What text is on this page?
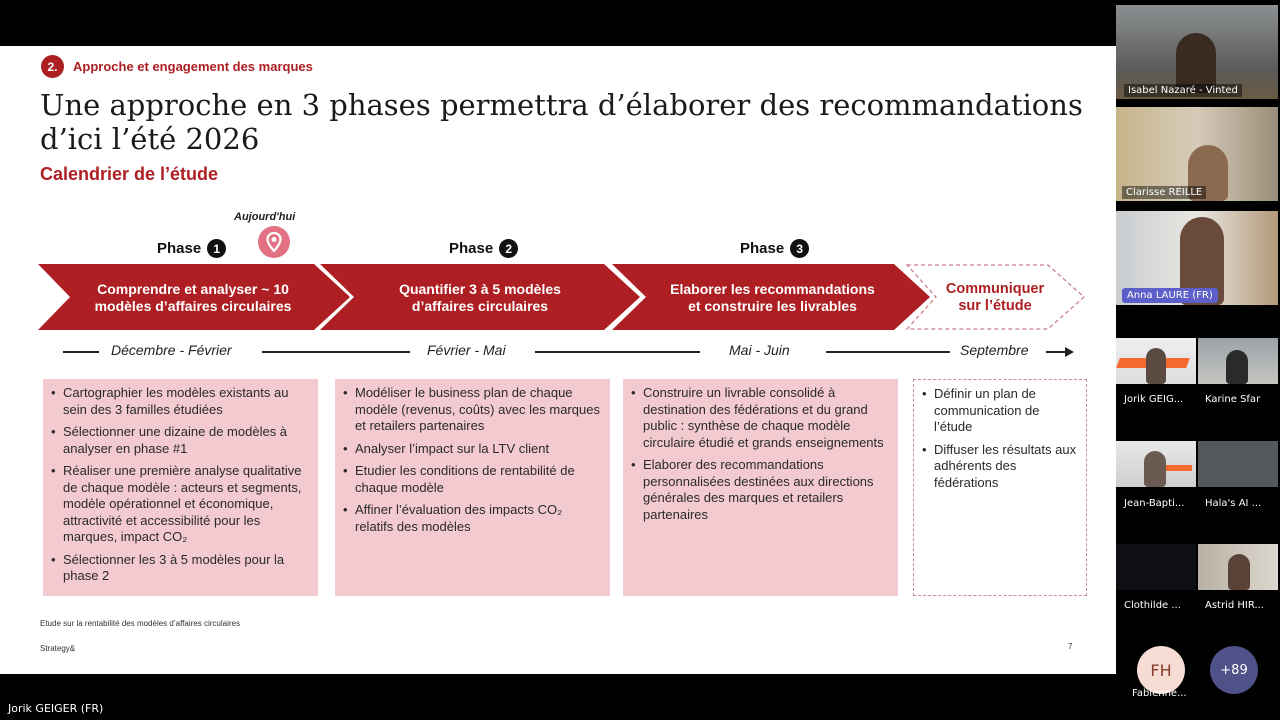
2.	Approche et engagement des marques
Une approche en 3 phases permettra d’élaborer des recommandations
d’ici l’été 2026
Calendrier de l’étude
Aujourd'hui
Phase	1	Phase	2	Phase	3
Comprendre et analyser ~ 10 modèles d’affaires circulaires
Quantifier 3 à 5 modèles d’affaires circulaires
Elaborer les recommandations et construire les livrables
Communiquer sur l’étude
Décembre - Février	Février - Mai	Mai - Juin	Septembre
• Cartographier les modèles existants au sein des 3 familles étudiées
• Sélectionner une dizaine de modèles à analyser en phase #1
• Réaliser une première analyse qualitative de chaque modèle : acteurs et segments, modèle opérationnel et économique, attractivité et accessibilité pour les marques, impact CO₂
• Sélectionner les 3 à 5 modèles pour la phase 2
• Modéliser le business plan de chaque modèle (revenus, coûts) avec les marques et retailers partenaires
• Analyser l’impact sur la LTV client
• Etudier les conditions de rentabilité de chaque modèle
• Affiner l’évaluation des impacts CO₂ relatifs des modèles
• Construire un livrable consolidé à destination des fédérations et du grand public : synthèse de chaque modèle circulaire étudié et grands enseignements
• Elaborer des recommandations personnalisées destinées aux directions générales des marques et retailers partenaires
• Définir un plan de communication de l’étude
• Diffuser les résultats aux adhérents des fédérations
Etude sur la rentabilité des modèles d’affaires circulaires
Strategy&	7
Jorik GEIGER (FR)
Isabel Nazaré - Vinted
Clarisse REILLE
Anna LAURE (FR)
Jorik GEIG... Karine Sfar
Jean-Bapti... Hala's AI ...
Clothilde ... Astrid HIR...
FH
Fabienne...
+89
